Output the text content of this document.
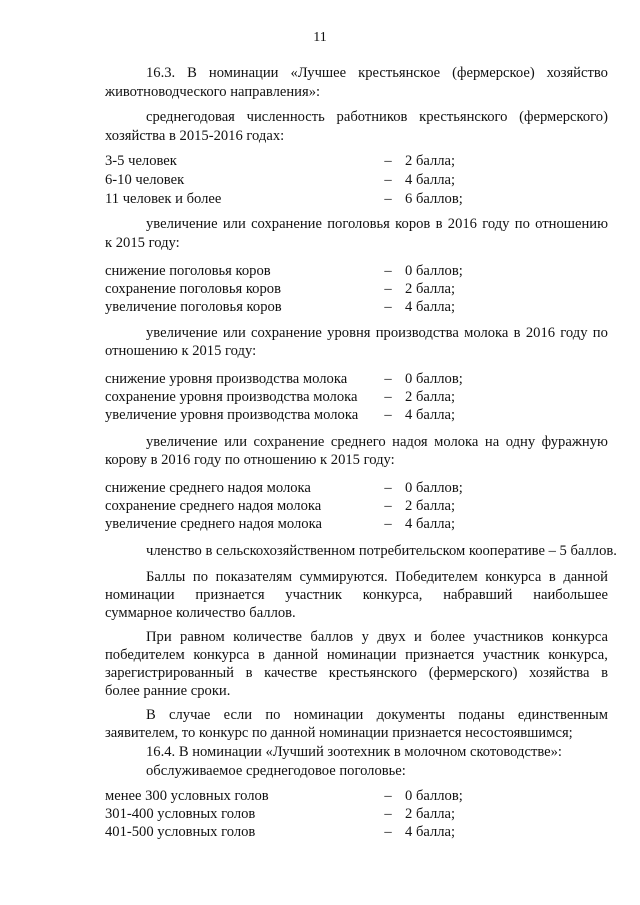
11
16.3. В номинации «Лучшее крестьянское (фермерское) хозяйство
животноводческого направления»:
среднегодовая численность работников крестьянского (фермерского)
хозяйства в 2015-2016 годах:
3-5 человек	– 2 балла;
6-10 человек	– 4 балла;
11 человек и более	– 6 баллов;
увеличение или сохранение поголовья коров в 2016 году по отношению
к 2015 году:
снижение поголовья коров	– 0 баллов;
сохранение поголовья коров	– 2 балла;
увеличение поголовья коров	– 4 балла;
увеличение или сохранение уровня производства молока в 2016 году по
отношению к 2015 году:
снижение уровня производства молока	– 0 баллов;
сохранение уровня производства молока	– 2 балла;
увеличение уровня производства молока	– 4 балла;
увеличение или сохранение среднего надоя молока на одну фуражную
корову в 2016 году по отношению к 2015 году:
снижение среднего надоя молока	– 0 баллов;
сохранение среднего надоя молока	– 2 балла;
увеличение среднего надоя молока	– 4 балла;
членство в сельскохозяйственном потребительском кооперативе – 5 баллов.
Баллы по показателям суммируются. Победителем конкурса в данной
номинации признается участник конкурса, набравший наибольшее
суммарное количество баллов.
При равном количестве баллов у двух и более участников конкурса
победителем конкурса в данной номинации признается участник конкурса,
зарегистрированный в качестве крестьянского (фермерского) хозяйства в
более ранние сроки.
В случае если по номинации документы поданы единственным
заявителем, то конкурс по данной номинации признается несостоявшимся;
16.4. В номинации «Лучший зоотехник в молочном скотоводстве»:
обслуживаемое среднегодовое поголовье:
менее 300 условных голов	– 0 баллов;
301-400 условных голов	– 2 балла;
401-500 условных голов	– 4 балла;
